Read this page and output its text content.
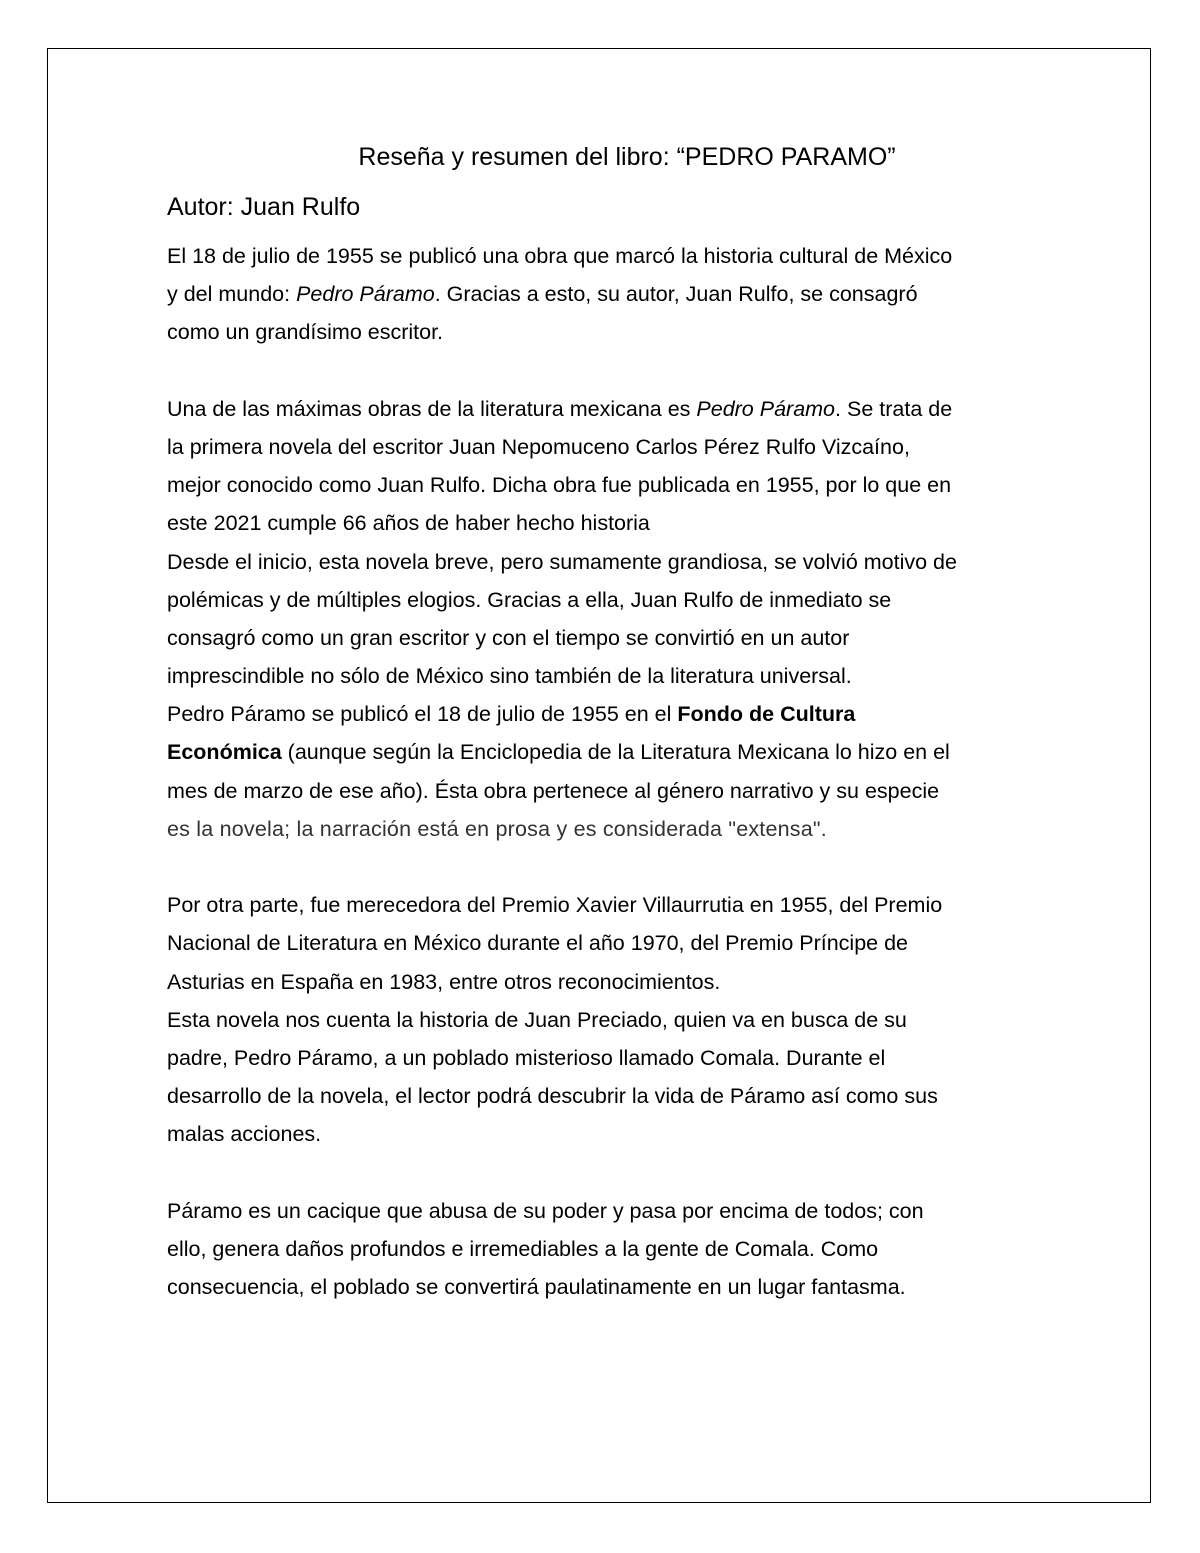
Reseña y resumen del libro: “PEDRO PARAMO”
Autor: Juan Rulfo
El 18 de julio de 1955 se publicó una obra que marcó la historia cultural de México
y del mundo: Pedro Páramo. Gracias a esto, su autor, Juan Rulfo, se consagró
como un grandísimo escritor.
Una de las máximas obras de la literatura mexicana es Pedro Páramo. Se trata de
la primera novela del escritor Juan Nepomuceno Carlos Pérez Rulfo Vizcaíno,
mejor conocido como Juan Rulfo. Dicha obra fue publicada en 1955, por lo que en
este 2021 cumple 66 años de haber hecho historia
Desde el inicio, esta novela breve, pero sumamente grandiosa, se volvió motivo de
polémicas y de múltiples elogios. Gracias a ella, Juan Rulfo de inmediato se
consagró como un gran escritor y con el tiempo se convirtió en un autor
imprescindible no sólo de México sino también de la literatura universal.
Pedro Páramo se publicó el 18 de julio de 1955 en el Fondo de Cultura
Económica (aunque según la Enciclopedia de la Literatura Mexicana lo hizo en el
mes de marzo de ese año). Ésta obra pertenece al género narrativo y su especie
es la novela; la narración está en prosa y es considerada "extensa".
Por otra parte, fue merecedora del Premio Xavier Villaurrutia en 1955, del Premio
Nacional de Literatura en México durante el año 1970, del Premio Príncipe de
Asturias en España en 1983, entre otros reconocimientos.
Esta novela nos cuenta la historia de Juan Preciado, quien va en busca de su
padre, Pedro Páramo, a un poblado misterioso llamado Comala. Durante el
desarrollo de la novela, el lector podrá descubrir la vida de Páramo así como sus
malas acciones.
Páramo es un cacique que abusa de su poder y pasa por encima de todos; con
ello, genera daños profundos e irremediables a la gente de Comala. Como
consecuencia, el poblado se convertirá paulatinamente en un lugar fantasma.
